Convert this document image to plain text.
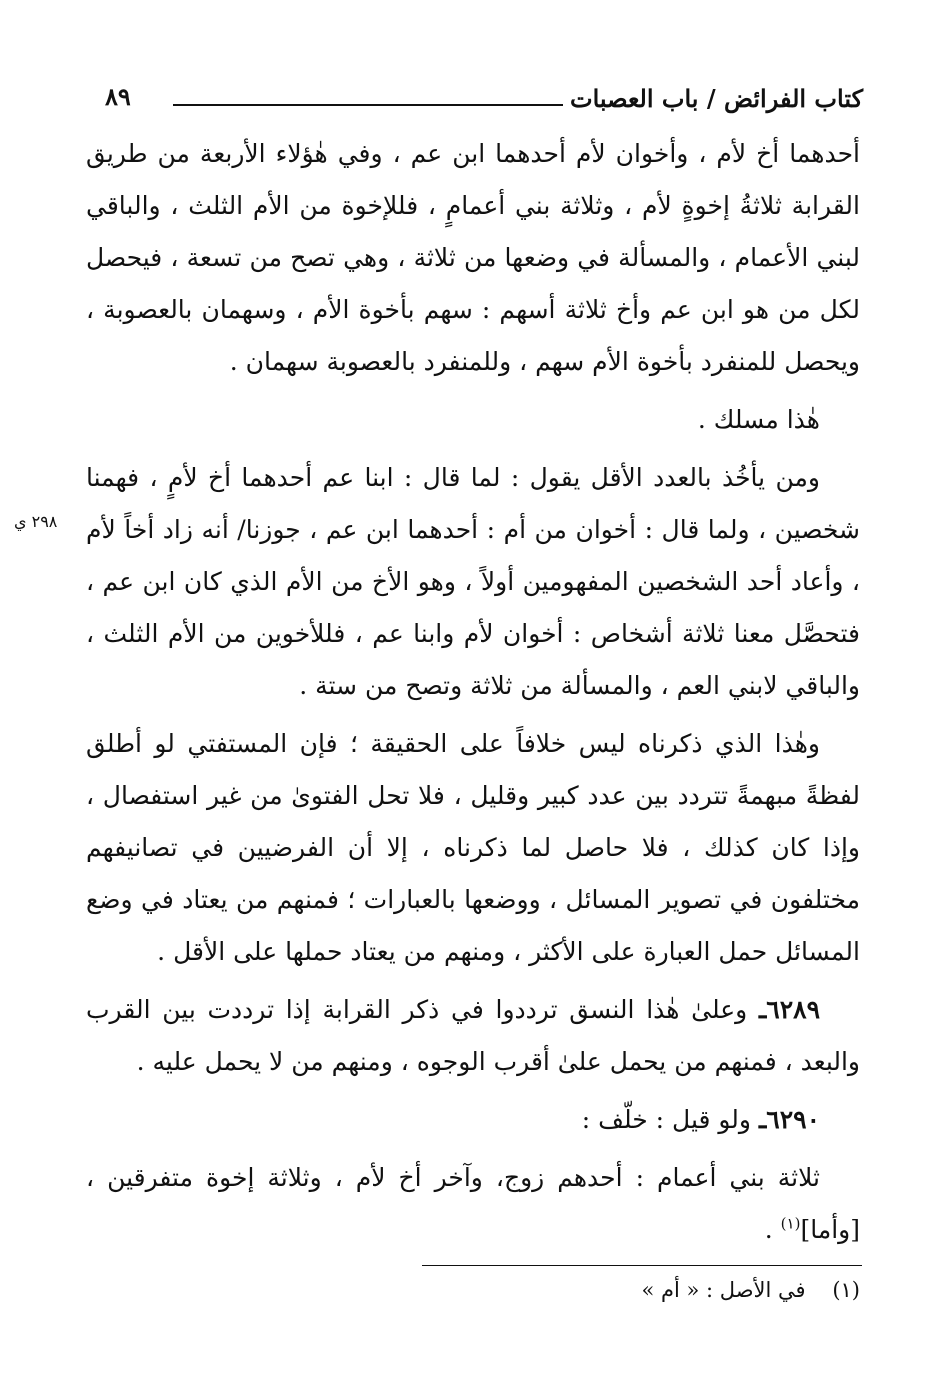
كتاب الفرائض / باب العصبات
٨٩
٢٩٨ ي

أحدهما أخ لأم ، وأخوان لأم أحدهما ابن عم ، وفي هٰؤلاء الأربعة من طريق القرابة ثلاثةُ إخوةٍ لأم ، وثلاثة بني أعمامٍ ، فللإخوة من الأم الثلث ، والباقي لبني الأعمام ، والمسألة في وضعها من ثلاثة ، وهي تصح من تسعة ، فيحصل لكل من هو ابن عم وأخ ثلاثة أسهم : سهم بأخوة الأم ، وسهمان بالعصوبة ، ويحصل للمنفرد بأخوة الأم سهم ، وللمنفرد بالعصوبة سهمان .

هٰذا مسلك .

ومن يأخُذ بالعدد الأقل يقول : لما قال : ابنا عم أحدهما أخ لأمٍ ، فهمنا شخصين ، ولما قال : أخوان من أم : أحدهما ابن عم ، جوزنا/ أنه زاد أخاً لأم ، وأعاد أحد الشخصين المفهومين أولاً ، وهو الأخ من الأم الذي كان ابن عم ، فتحصَّل معنا ثلاثة أشخاص : أخوان لأم وابنا عم ، فللأخوين من الأم الثلث ، والباقي لابني العم ، والمسألة من ثلاثة وتصح من ستة .

وهٰذا الذي ذكرناه ليس خلافاً على الحقيقة ؛ فإن المستفتي لو أطلق لفظةً مبهمةً تتردد بين عدد كبير وقليل ، فلا تحل الفتوىٰ من غير استفصال ، وإذا كان كذلك ، فلا حاصل لما ذكرناه ، إلا أن الفرضيين في تصانيفهم مختلفون في تصوير المسائل ، ووضعها بالعبارات ؛ فمنهم من يعتاد في وضع المسائل حمل العبارة على الأكثر ، ومنهم من يعتاد حملها على الأقل .

٦٢٨٩ـ وعلىٰ هٰذا النسق ترددوا في ذكر القرابة إذا ترددت بين القرب والبعد ، فمنهم من يحمل علىٰ أقرب الوجوه ، ومنهم من لا يحمل عليه .

٦٢٩٠ـ ولو قيل : خلّف :

ثلاثة بني أعمام : أحدهم زوج، وآخر أخ لأم ، وثلاثة إخوة متفرقين ، [وأما]$^{(١)}$ .

(١)    في الأصل : « أم »
